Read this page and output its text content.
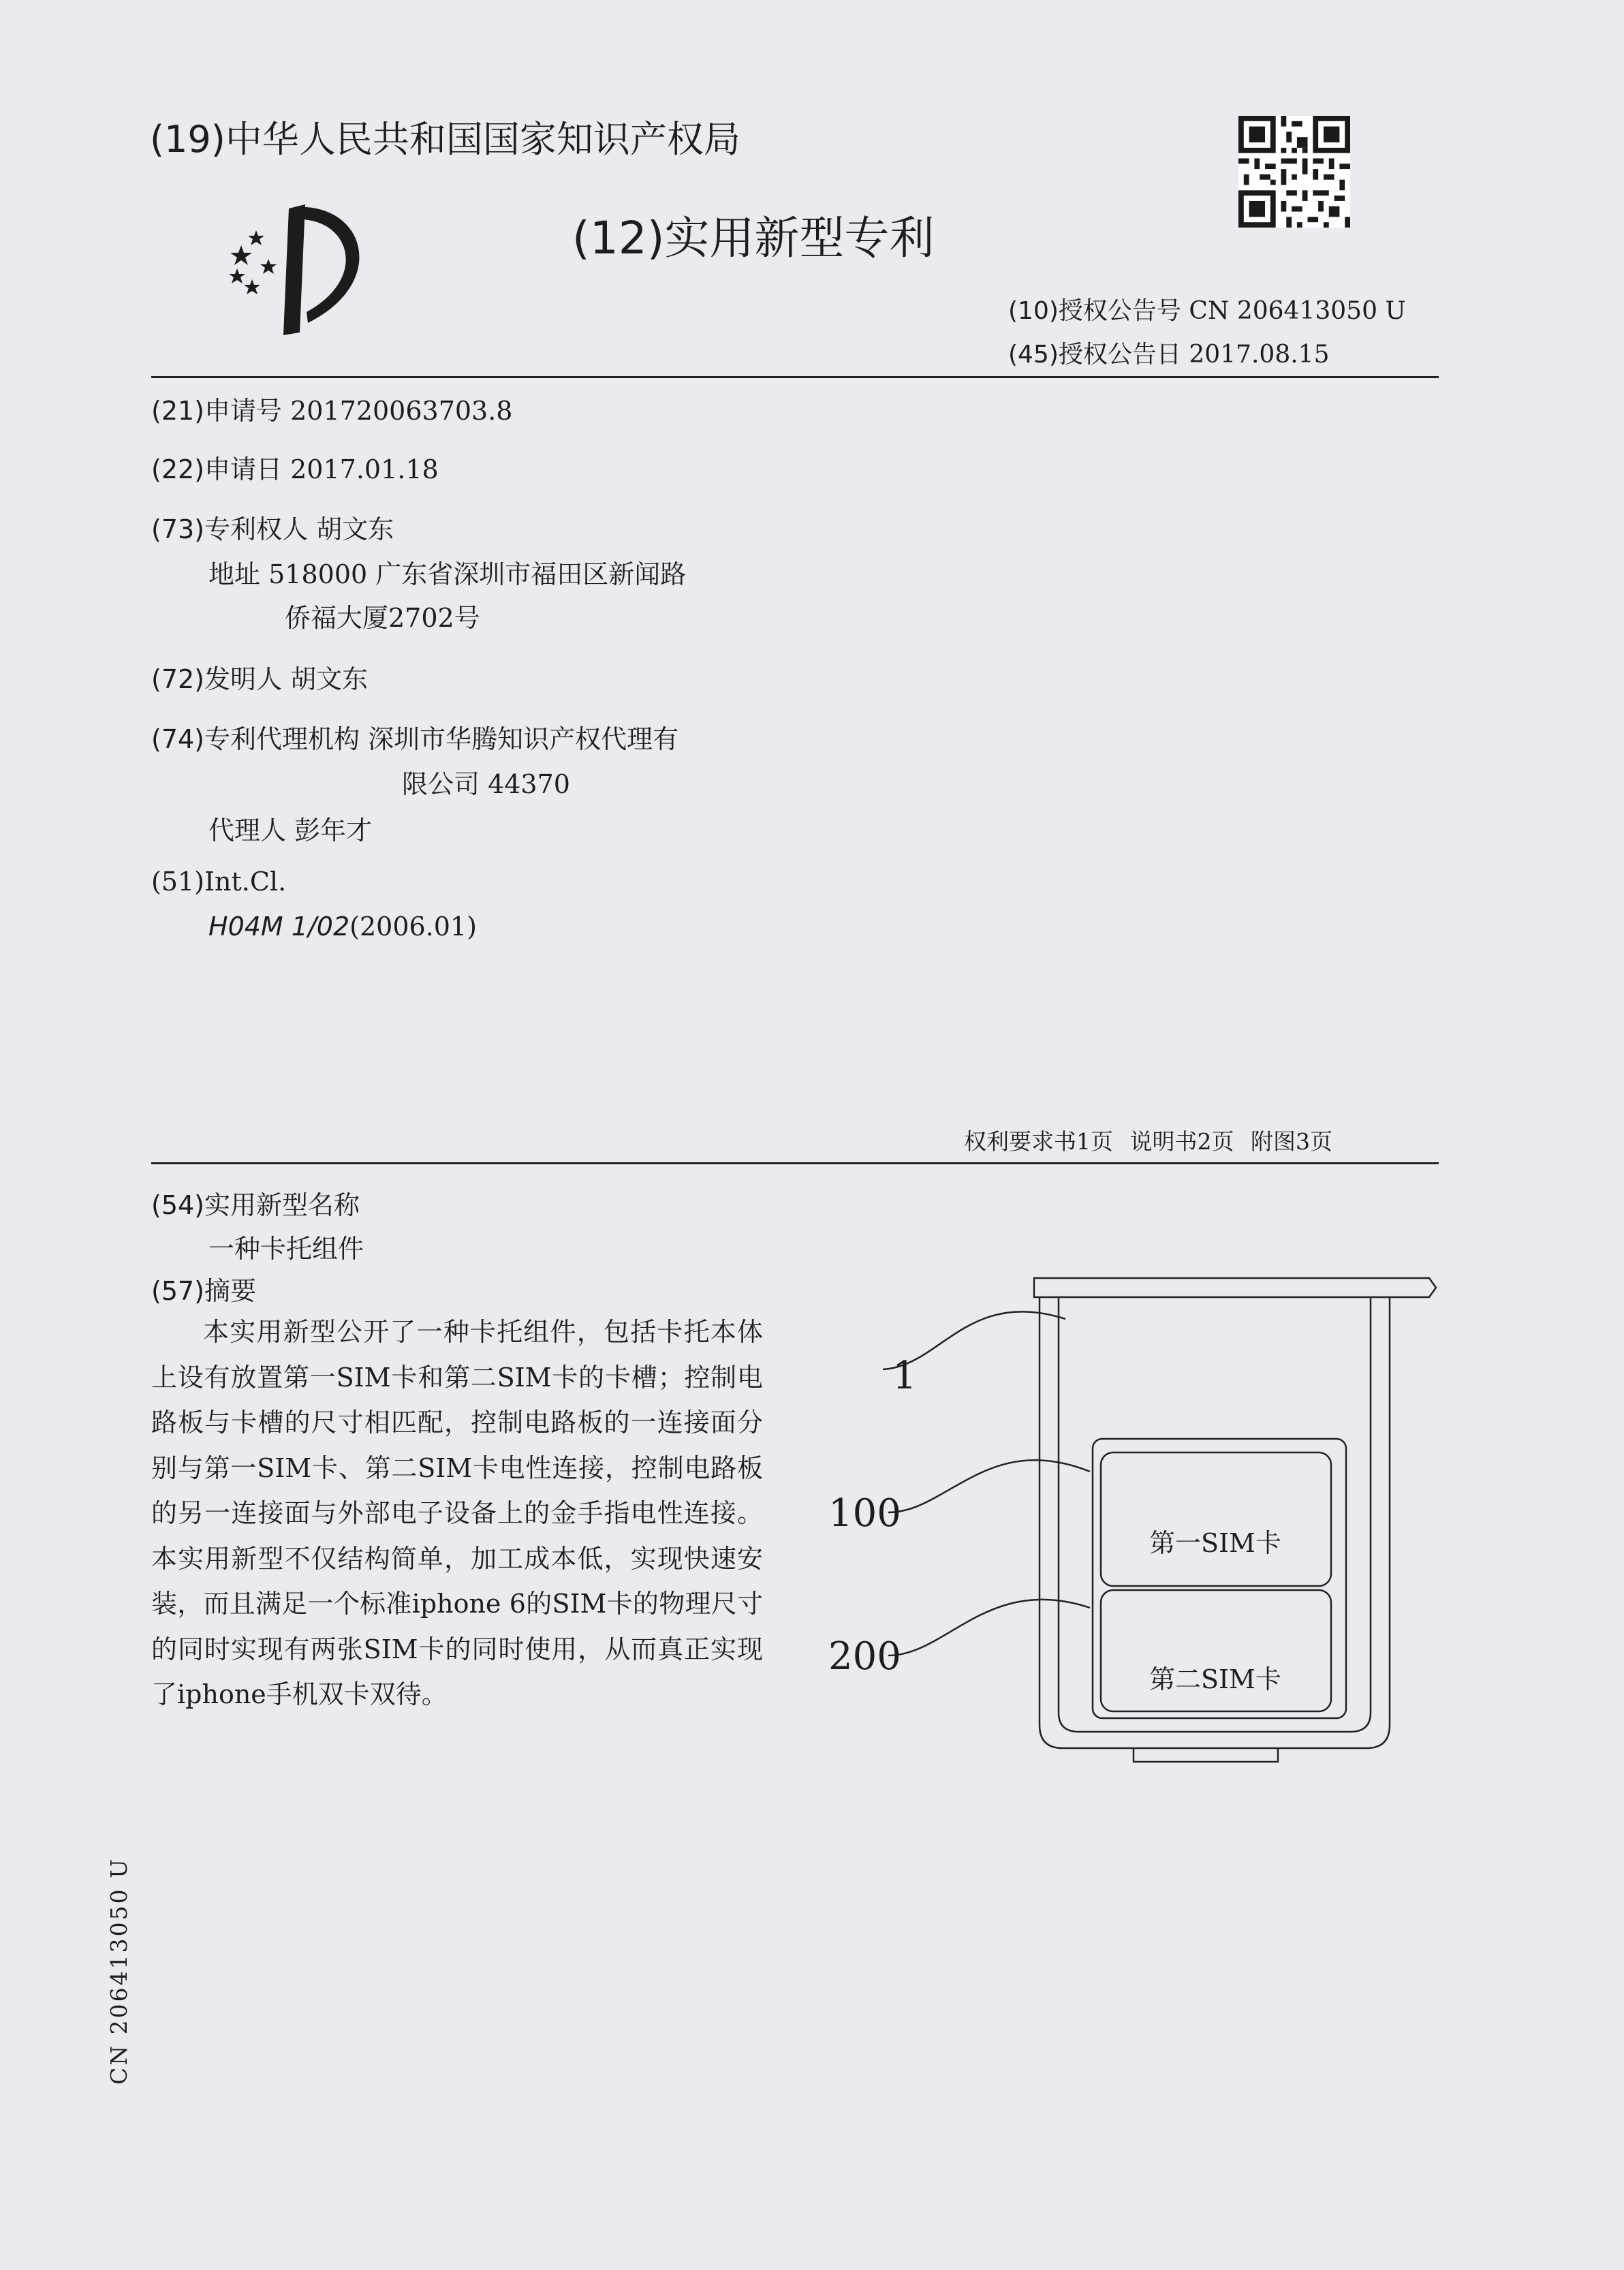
(19)中华人民共和国国家知识产权局
(12)实用新型专利
(10)授权公告号 CN 206413050 U
(45)授权公告日 2017.08.15
(21)申请号 201720063703.8
(22)申请日 2017.01.18
(73)专利权人 胡文东
地址 518000 广东省深圳市福田区新闻路
侨福大厦2702号
(72)发明人 胡文东
(74)专利代理机构 深圳市华腾知识产权代理有
限公司 44370
代理人 彭年才
(51)Int.Cl.
H04M 1/02(2006.01)
权利要求书1页 说明书2页 附图3页
(54)实用新型名称
一种卡托组件
(57)摘要

本实用新型公开了一种卡托组件，包括卡托本体上设有放置第一SIM卡和第二SIM卡的卡槽；控制电路板与卡槽的尺寸相匹配，控制电路板的一连接面分别与第一SIM卡、第二SIM卡电性连接，控制电路板的另一连接面与外部电子设备上的金手指电性连接。本实用新型不仅结构简单，加工成本低，实现快速安装，而且满足一个标准iphone 6的SIM卡的物理尺寸的同时实现有两张SIM卡的同时使用，从而真正实现了iphone手机双卡双待。

1
100
200
第一SIM卡
第二SIM卡
CN 206413050 U
